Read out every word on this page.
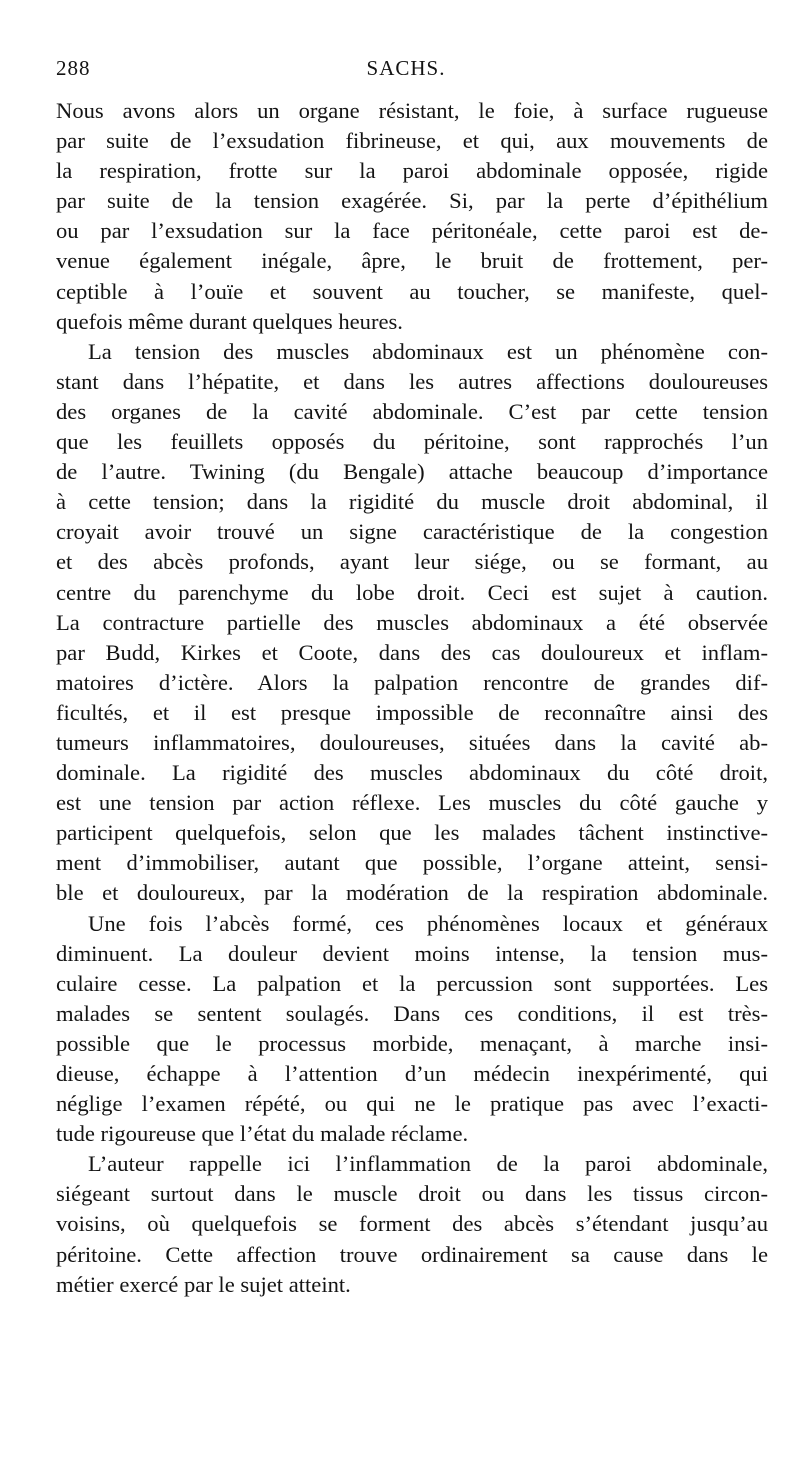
288	SACHS.
Nous avons alors un organe résistant, le foie, à surface rugueuse
par suite de l’exsudation fibrineuse, et qui, aux mouvements de
la respiration, frotte sur la paroi abdominale opposée, rigide
par suite de la tension exagérée. Si, par la perte d’épithélium
ou par l’exsudation sur la face péritonéale, cette paroi est de-
venue également inégale, âpre, le bruit de frottement, per-
ceptible à l’ouïe et souvent au toucher, se manifeste, quel-
quefois même durant quelques heures.
La tension des muscles abdominaux est un phénomène con-
stant dans l’hépatite, et dans les autres affections douloureuses
des organes de la cavité abdominale. C’est par cette tension
que les feuillets opposés du péritoine, sont rapprochés l’un
de l’autre. Twining (du Bengale) attache beaucoup d’importance
à cette tension; dans la rigidité du muscle droit abdominal, il
croyait avoir trouvé un signe caractéristique de la congestion
et des abcès profonds, ayant leur siége, ou se formant, au
centre du parenchyme du lobe droit. Ceci est sujet à caution.
La contracture partielle des muscles abdominaux a été observée
par Budd, Kirkes et Coote, dans des cas douloureux et inflam-
matoires d’ictère. Alors la palpation rencontre de grandes dif-
ficultés, et il est presque impossible de reconnaître ainsi des
tumeurs inflammatoires, douloureuses, situées dans la cavité ab-
dominale. La rigidité des muscles abdominaux du côté droit,
est une tension par action réflexe. Les muscles du côté gauche y
participent quelquefois, selon que les malades tâchent instinctive-
ment d’immobiliser, autant que possible, l’organe atteint, sensi-
ble et douloureux, par la modération de la respiration abdominale.
Une fois l’abcès formé, ces phénomènes locaux et généraux
diminuent. La douleur devient moins intense, la tension mus-
culaire cesse. La palpation et la percussion sont supportées. Les
malades se sentent soulagés. Dans ces conditions, il est très-
possible que le processus morbide, menaçant, à marche insi-
dieuse, échappe à l’attention d’un médecin inexpérimenté, qui
néglige l’examen répété, ou qui ne le pratique pas avec l’exacti-
tude rigoureuse que l’état du malade réclame.
L’auteur rappelle ici l’inflammation de la paroi abdominale,
siégeant surtout dans le muscle droit ou dans les tissus circon-
voisins, où quelquefois se forment des abcès s’étendant jusqu’au
péritoine. Cette affection trouve ordinairement sa cause dans le
métier exercé par le sujet atteint.
